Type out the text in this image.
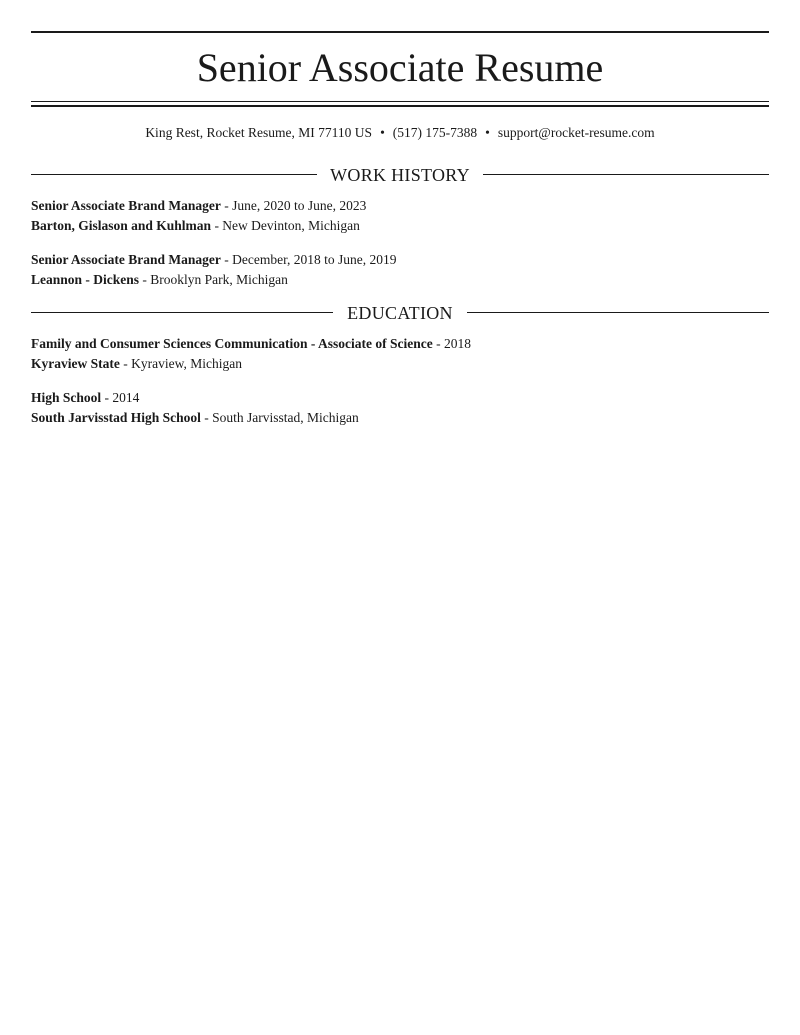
Senior Associate Resume
King Rest, Rocket Resume, MI 77110 US • (517) 175-7388 • support@rocket-resume.com
WORK HISTORY
Senior Associate Brand Manager - June, 2020 to June, 2023
Barton, Gislason and Kuhlman - New Devinton, Michigan
Senior Associate Brand Manager - December, 2018 to June, 2019
Leannon - Dickens - Brooklyn Park, Michigan
EDUCATION
Family and Consumer Sciences Communication - Associate of Science - 2018
Kyraview State - Kyraview, Michigan
High School - 2014
South Jarvisstad High School - South Jarvisstad, Michigan
